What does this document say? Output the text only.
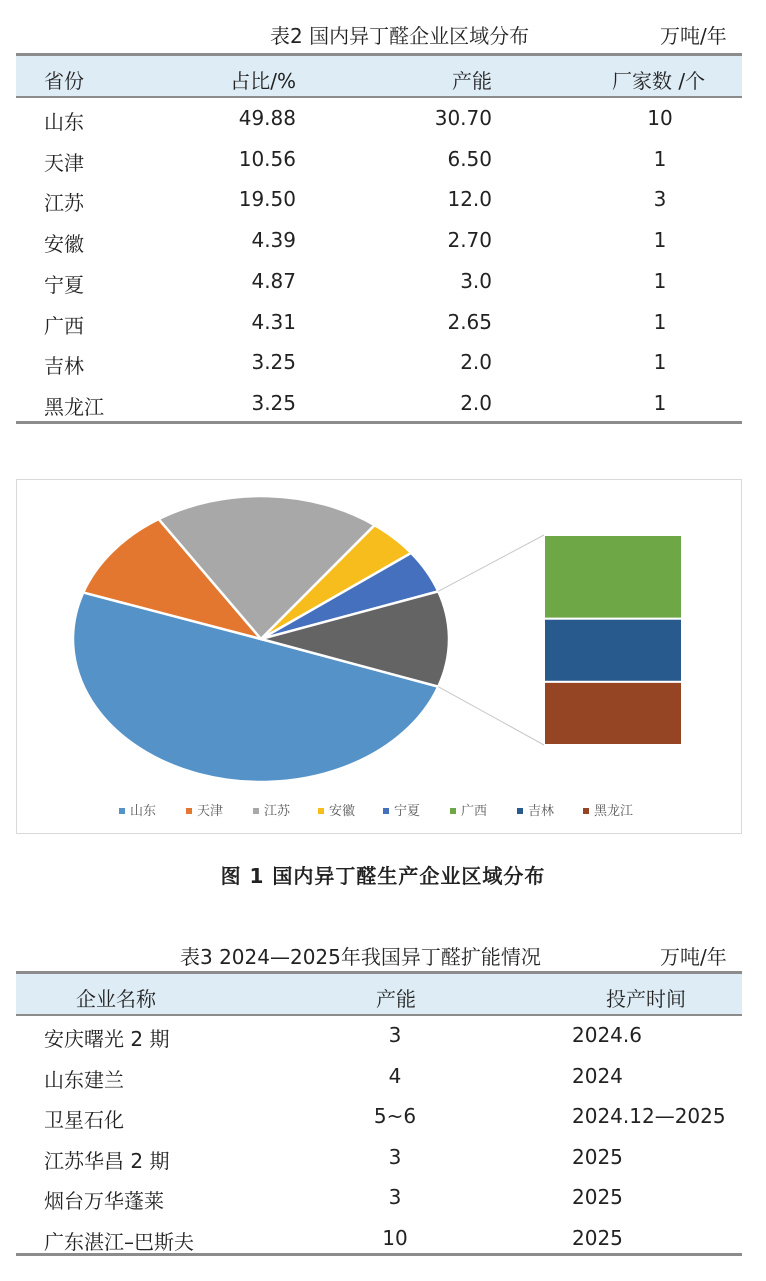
表2 国内异丁醛企业区域分布	万吨/年
省份	占比/%	产能	厂家数 /个
山东	49.88	30.70	10
天津	10.56	6.50	1
江苏	19.50	12.0	3
安徽	4.39	2.70	1
宁夏	4.87	3.0	1
广西	4.31	2.65	1
吉林	3.25	2.0	1
黑龙江	3.25	2.0	1
山东	天津	江苏	安徽	宁夏	广西	吉林	黑龙江
图 1 国内异丁醛生产企业区域分布
表3 2024—2025年我国异丁醛扩能情况	万吨/年
企业名称	产能	投产时间
安庆曙光 2 期	3	2024.6
山东建兰	4	2024
卫星石化	5~6	2024.12—2025
江苏华昌 2 期	3	2025
烟台万华蓬莱	3	2025
广东湛江–巴斯夫	10	2025
